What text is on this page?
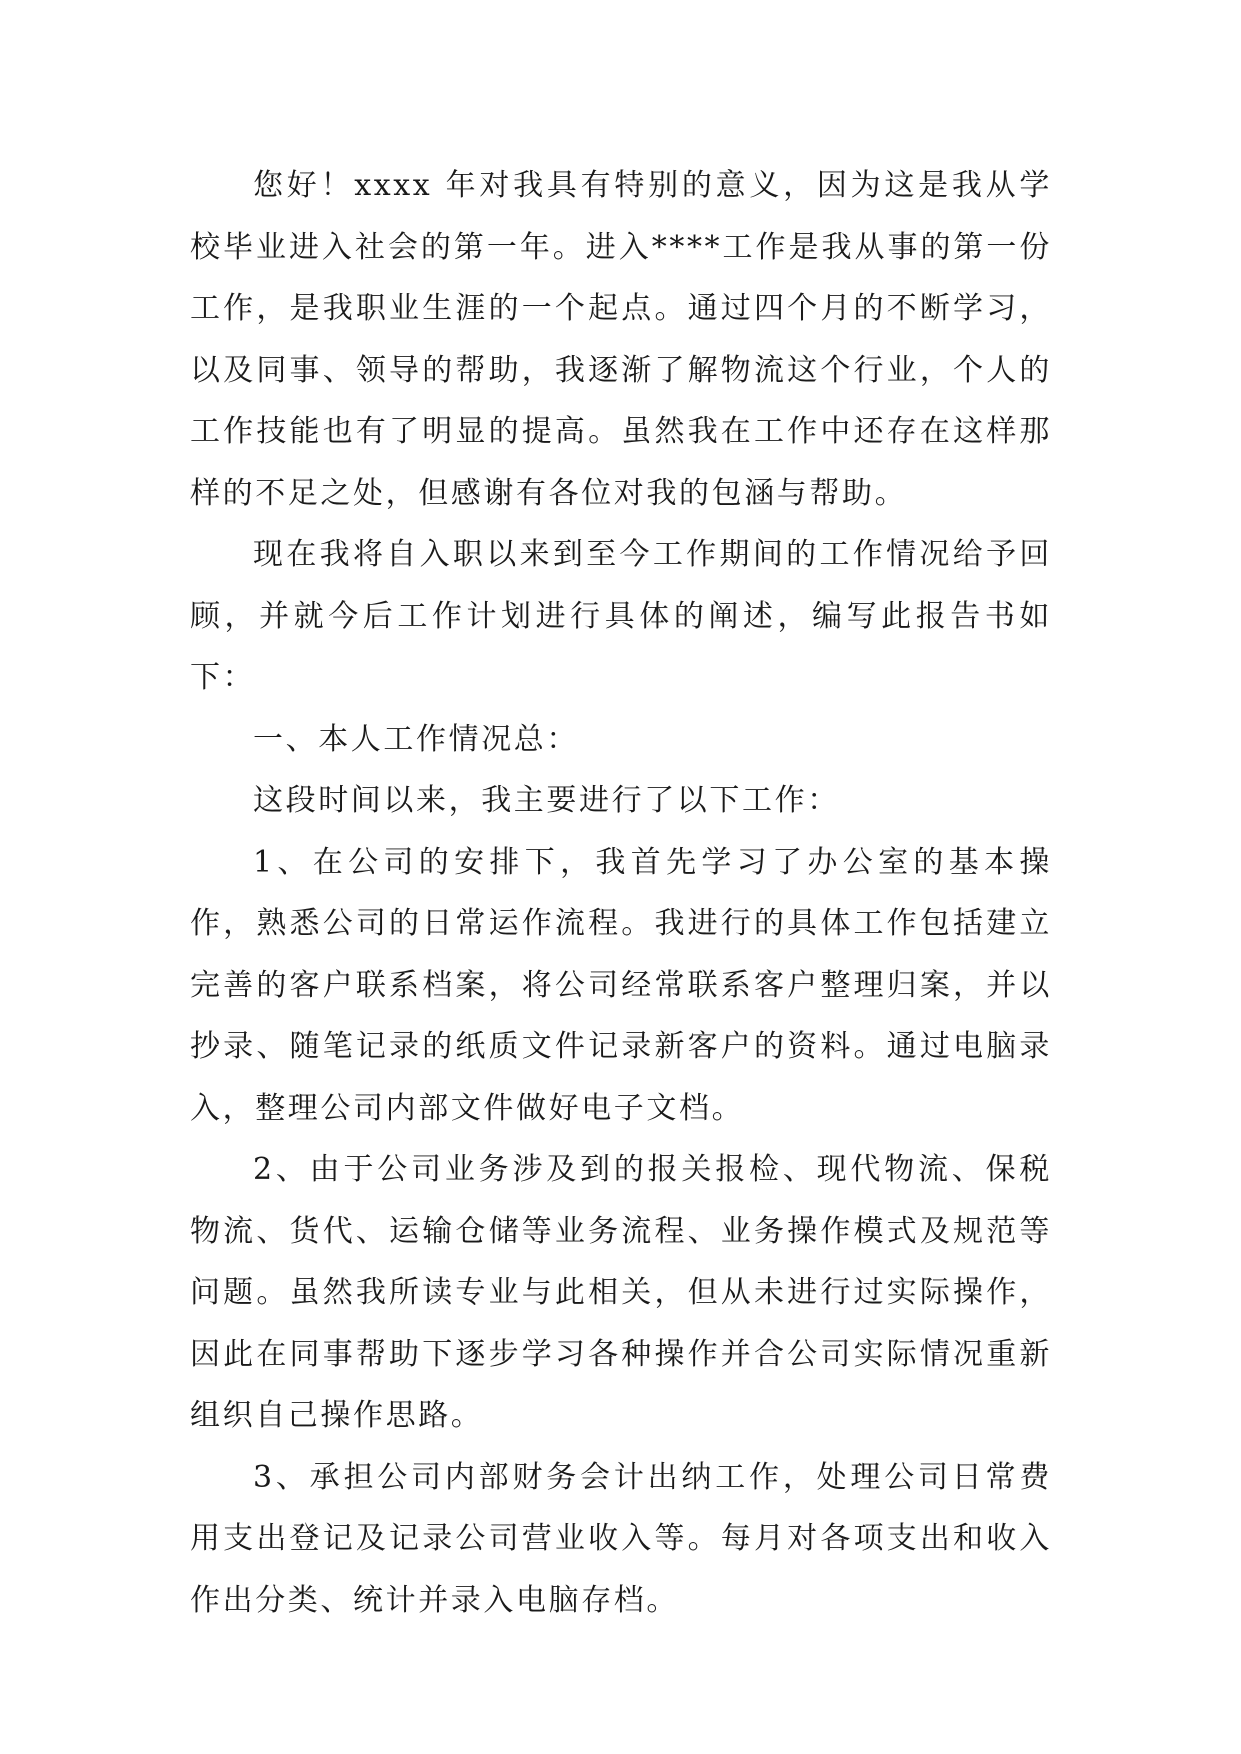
您好！xxxx 年对我具有特别的意义，因为这是我从学校毕业进入社会的第一年。进入****工作是我从事的第一份工作，是我职业生涯的一个起点。通过四个月的不断学习，以及同事、领导的帮助，我逐渐了解物流这个行业，个人的工作技能也有了明显的提高。虽然我在工作中还存在这样那样的不足之处，但感谢有各位对我的包涵与帮助。

现在我将自入职以来到至今工作期间的工作情况给予回顾，并就今后工作计划进行具体的阐述，编写此报告书如下：

一、本人工作情况总：

这段时间以来，我主要进行了以下工作：

1、在公司的安排下，我首先学习了办公室的基本操作，熟悉公司的日常运作流程。我进行的具体工作包括建立完善的客户联系档案，将公司经常联系客户整理归案，并以抄录、随笔记录的纸质文件记录新客户的资料。通过电脑录入，整理公司内部文件做好电子文档。

2、由于公司业务涉及到的报关报检、现代物流、保税物流、货代、运输仓储等业务流程、业务操作模式及规范等问题。虽然我所读专业与此相关，但从未进行过实际操作，因此在同事帮助下逐步学习各种操作并合公司实际情况重新组织自己操作思路。

3、承担公司内部财务会计出纳工作，处理公司日常费用支出登记及记录公司营业收入等。每月对各项支出和收入作出分类、统计并录入电脑存档。
